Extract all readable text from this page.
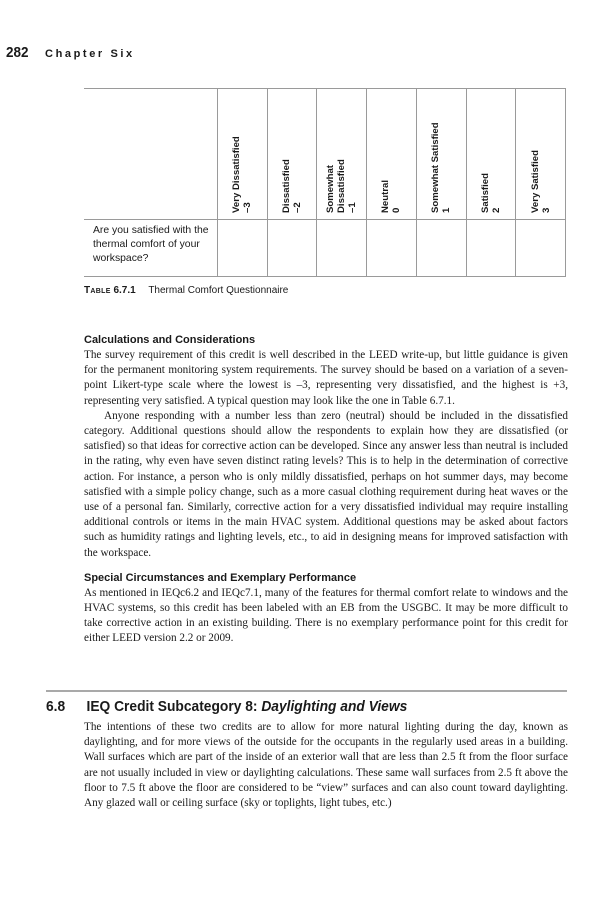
282 Chapter Six

	Very Dissatisfied –3	Dissatisfied –2	Somewhat Dissatisfied –1	Neutral 0	Somewhat Satisfied 1	Satisfied 2	Very Satisfied 3

Are you satisfied with the thermal comfort of your workspace?							
Table 6.7.1 Thermal Comfort Questionnaire
Calculations and Considerations

The survey requirement of this credit is well described in the LEED write-up, but little guidance is given for the permanent monitoring system requirements. The survey should be based on a variation of a seven-point Likert-type scale where the lowest is –3, representing very dissatisfied, and the highest is +3, representing very satisfied. A typical question may look like the one in Table 6.7.1.

Anyone responding with a number less than zero (neutral) should be included in the dissatisfied category. Additional questions should allow the respondents to explain how they are dissatisfied (or satisfied) so that ideas for corrective action can be developed. Since any answer less than neutral is included in the rating, why even have seven distinct rating levels? This is to help in the determination of corrective action. For instance, a person who is only mildly dissatisfied, perhaps on hot summer days, may become satisfied with a simple policy change, such as a more casual clothing requirement during heat waves or the use of a personal fan. Similarly, corrective action for a very dissatisfied individual may require installing additional controls or items in the main HVAC system. Additional questions may be asked about factors such as humidity ratings and lighting levels, etc., to aid in designing means for improved satisfaction with the workspace.

Special Circumstances and Exemplary Performance

As mentioned in IEQc6.2 and IEQc7.1, many of the features for thermal comfort relate to windows and the HVAC systems, so this credit has been labeled with an EB from the USGBC. It may be more difficult to take corrective action in an existing building. There is no exemplary performance point for this credit for either LEED version 2.2 or 2009.

6.8	IEQ Credit Subcategory 8: Daylighting and Views

The intentions of these two credits are to allow for more natural lighting during the day, known as daylighting, and for more views of the outside for the occupants in the regularly used areas in a building. Wall surfaces which are part of the inside of an exterior wall that are less than 2.5 ft from the floor surface are not usually included in view or daylighting calculations. These same wall surfaces from 2.5 ft above the floor to 7.5 ft above the floor are considered to be “view” surfaces and can also count toward daylighting. Any glazed wall or ceiling surface (sky or toplights, light tubes, etc.)
